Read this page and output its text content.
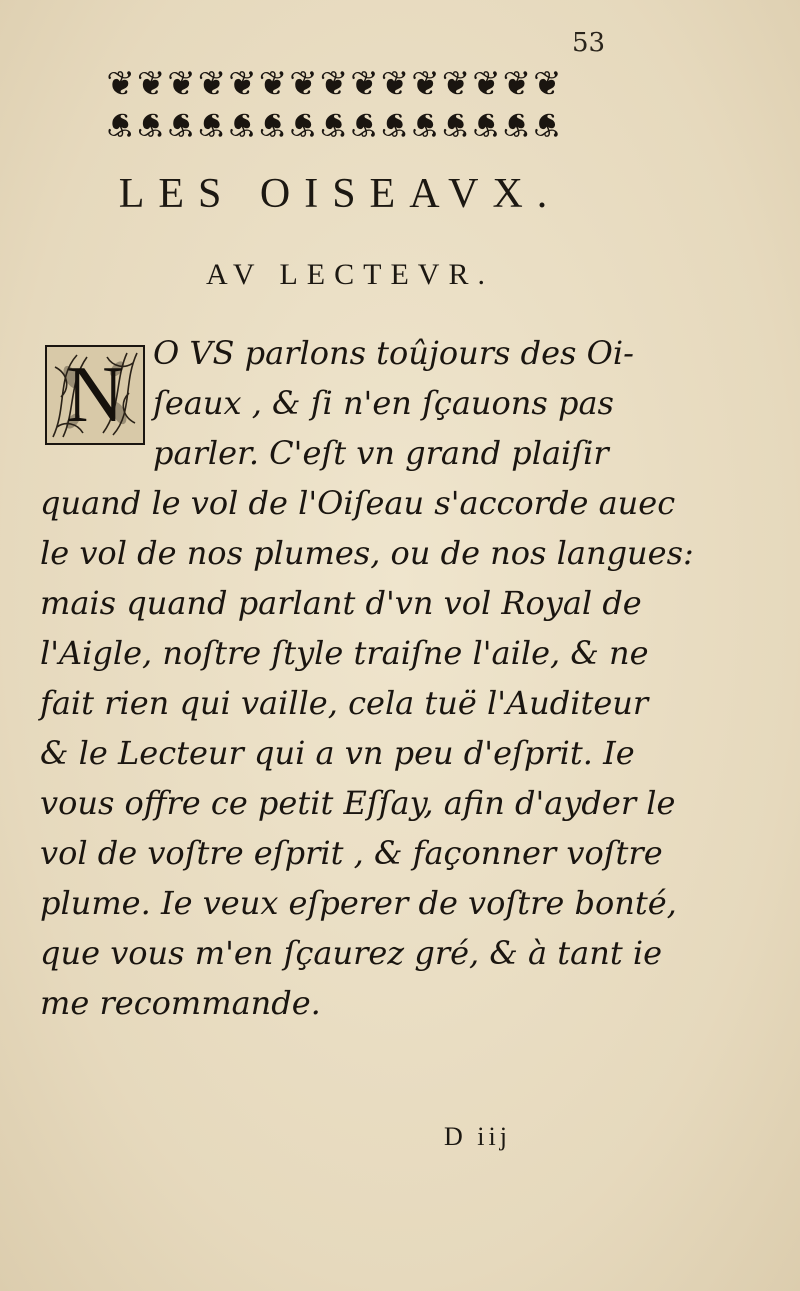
53
❦❦❦❦❦❦❦❦❦❦❦❦❦❦❦
❦❦❦❦❦❦❦❦❦❦❦❦❦❦❦
LES OISEAVX.
AV LECTEVR.
N O VS parlons toûjours des Oi-
ſeaux , & ſi n'en ſçauons pas
parler. C'eſt vn grand plaiſir
quand le vol de l'Oiſeau s'accorde auec
le vol de nos plumes, ou de nos langues:
mais quand parlant d'vn vol Royal de
l'Aigle, noſtre ſtyle traiſne l'aile, & ne
fait rien qui vaille, cela tuë l'Auditeur
& le Lecteur qui a vn peu d'eſprit. Ie
vous offre ce petit Eſſay, afin d'ayder le
vol de voſtre eſprit , & façonner voſtre
plume. Ie veux eſperer de voſtre bonté,
que vous m'en ſçaurez gré, & à tant ie
me recommande.
D iij
